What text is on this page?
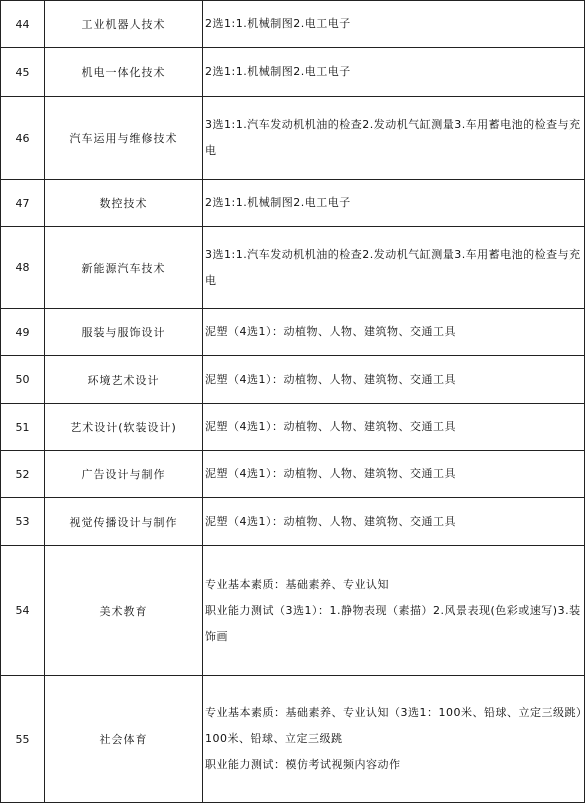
44	工业机器人技术	2选1:1.机械制图2.电工电子

45	机电一体化技术	2选1:1.机械制图2.电工电子

46	汽车运用与维修技术	3选1:1.汽车发动机机油的检查2.发动机气缸测量3.车用蓄电池的检查与充电

47	数控技术	2选1:1.机械制图2.电工电子

48	新能源汽车技术	3选1:1.汽车发动机机油的检查2.发动机气缸测量3.车用蓄电池的检查与充电

49	服装与服饰设计	泥塑（4选1）：动植物、人物、建筑物、交通工具

50	环境艺术设计	泥塑（4选1）：动植物、人物、建筑物、交通工具

51	艺术设计(软装设计)	泥塑（4选1）：动植物、人物、建筑物、交通工具

52	广告设计与制作	泥塑（4选1）：动植物、人物、建筑物、交通工具

53	视觉传播设计与制作	泥塑（4选1）：动植物、人物、建筑物、交通工具

54	美术教育	专业基本素质：基础素养、专业认知
职业能力测试（3选1）：1.静物表现（素描）2.风景表现(色彩或速写)3.装饰画

55	社会体育	专业基本素质：基础素养、专业认知（3选1：100米、铅球、立定三级跳）100米、铅球、立定三级跳
职业能力测试：模仿考试视频内容动作
